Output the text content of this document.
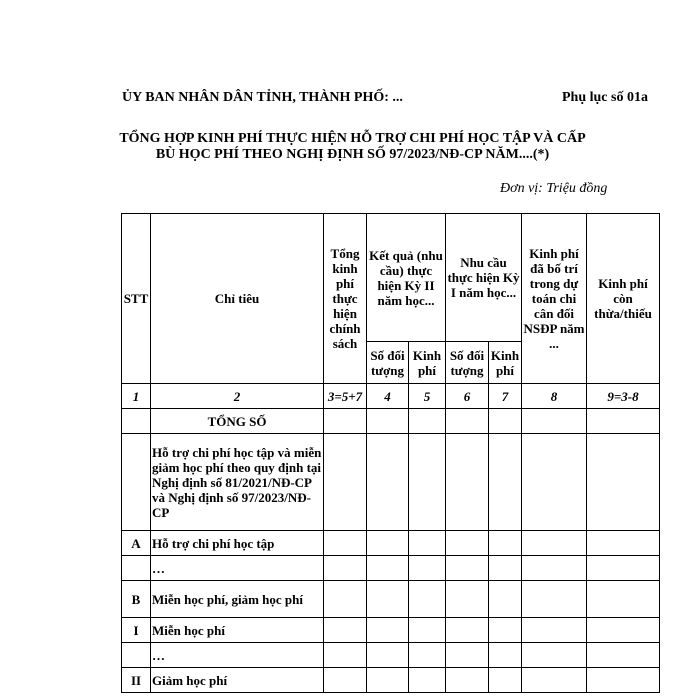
ỦY BAN NHÂN DÂN TỈNH, THÀNH PHỐ: ...	Phụ lục số 01a
TỔNG HỢP KINH PHÍ THỰC HIỆN HỖ TRỢ CHI PHÍ HỌC TẬP VÀ CẤP BÙ HỌC PHÍ THEO NGHỊ ĐỊNH SỐ 97/2023/NĐ-CP NĂM....(*)
Đơn vị: Triệu đồng
STT	Chỉ tiêu	Tổng kinh phí thực hiện chính sách	Kết quả (nhu cầu) thực hiện Kỳ II năm học...		Nhu cầu thực hiện Kỳ I năm học...		Kinh phí đã bố trí trong dự toán chi cân đối NSĐP năm ...	Kinh phí còn thừa/thiếu
			Số đối tượng	Kinh phí	Số đối tượng	Kinh phí		
1	2	3=5+7	4	5	6	7	8	9=3-8
	TỔNG SỐ							
	Hỗ trợ chi phí học tập và miễn giảm học phí theo quy định tại Nghị định số 81/2021/NĐ-CP và Nghị định số 97/2023/NĐ-CP							
A	Hỗ trợ chi phí học tập							
	…							
B	Miễn học phí, giảm học phí							
I	Miễn học phí							
	…							
II	Giảm học phí							
